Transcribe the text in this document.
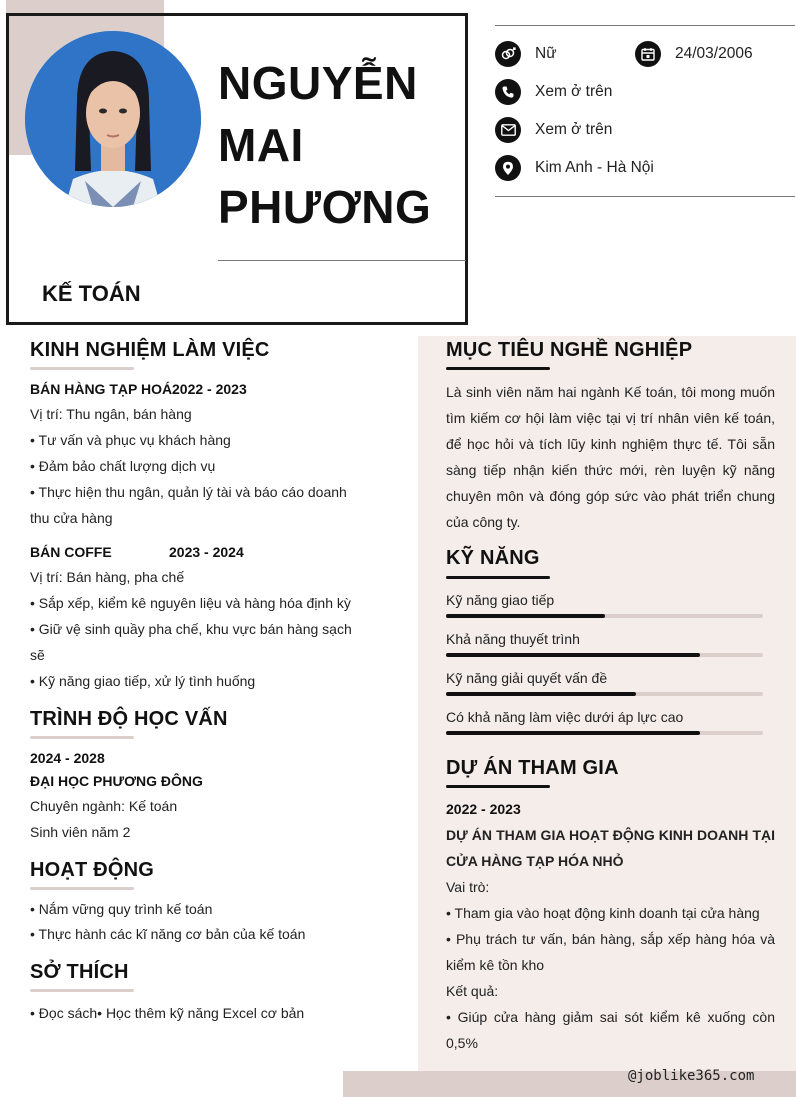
NGUYỄN
MAI
PHƯƠNG
KẾ TOÁN
Nữ	24/03/2006
Xem ở trên
Xem ở trên
Kim Anh - Hà Nội
KINH NGHIỆM LÀM VIỆC
BÁN HÀNG TẠP HOÁ 2022 - 2023
Vị trí: Thu ngân, bán hàng
• Tư vấn và phục vụ khách hàng
• Đảm bảo chất lượng dịch vụ
• Thực hiện thu ngân, quản lý tài và báo cáo doanh thu cửa hàng
BÁN COFFE	2023 - 2024
Vị trí: Bán hàng, pha chế
• Sắp xếp, kiểm kê nguyên liệu và hàng hóa định kỳ
• Giữ vệ sinh quầy pha chế, khu vực bán hàng sạch sẽ
• Kỹ năng giao tiếp, xử lý tình huống
TRÌNH ĐỘ HỌC VẤN
2024 - 2028
ĐẠI HỌC PHƯƠNG ĐÔNG
Chuyên ngành: Kế toán
Sinh viên năm 2
HOẠT ĐỘNG
• Nắm vững quy trình kế toán
• Thực hành các kĩ năng cơ bản của kế toán
SỞ THÍCH
• Đọc sách• Học thêm kỹ năng Excel cơ bản
MỤC TIÊU NGHỀ NGHIỆP
Là sinh viên năm hai ngành Kế toán, tôi mong muốn tìm kiếm cơ hội làm việc tại vị trí nhân viên kế toán, để học hỏi và tích lũy kinh nghiệm thực tế. Tôi sẵn sàng tiếp nhận kiến thức mới, rèn luyện kỹ năng chuyên môn và đóng góp sức vào phát triển chung của công ty.
KỸ NĂNG
Kỹ năng giao tiếp
Khả năng thuyết trình
Kỹ năng giải quyết vấn đề
Có khả năng làm việc dưới áp lực cao
DỰ ÁN THAM GIA
2022 - 2023
DỰ ÁN THAM GIA HOẠT ĐỘNG KINH DOANH TẠI CỬA HÀNG TẠP HÓA NHỎ
Vai trò:
• Tham gia vào hoạt động kinh doanh tại cửa hàng
• Phụ trách tư vấn, bán hàng, sắp xếp hàng hóa và kiểm kê tồn kho
Kết quả:
• Giúp cửa hàng giảm sai sót kiểm kê xuống còn 0,5%
@joblike365.com
